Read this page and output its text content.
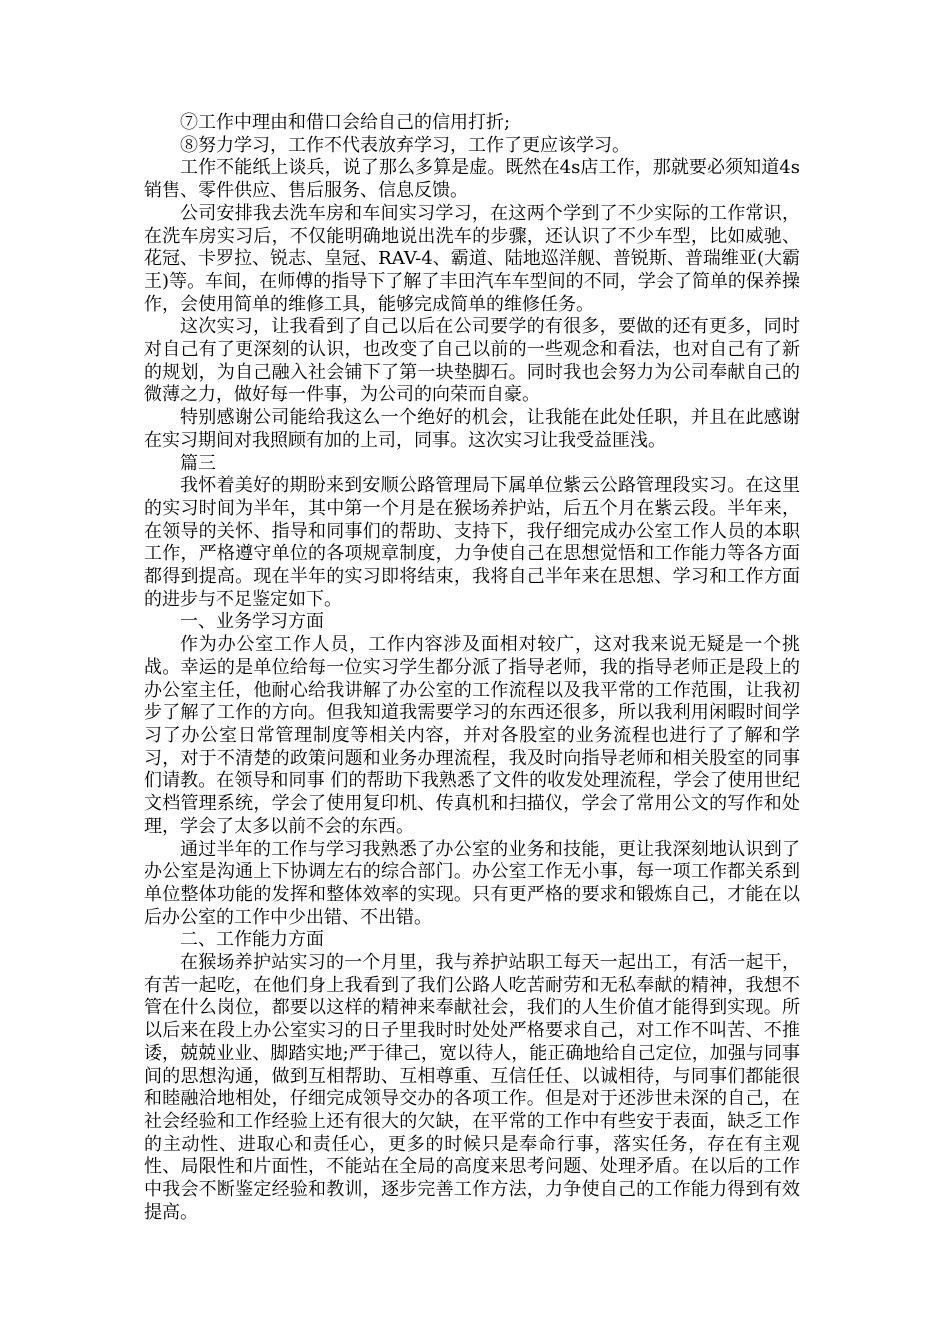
⑦工作中理由和借口会给自己的信用打折;

⑧努力学习，工作不代表放弃学习，工作了更应该学习。

工作不能纸上谈兵，说了那么多算是虚。既然在4s店工作，那就要必须知道4s销售、零件供应、售后服务、信息反馈。

公司安排我去洗车房和车间实习学习，在这两个学到了不少实际的工作常识，在洗车房实习后，不仅能明确地说出洗车的步骤，还认识了不少车型，比如威驰、花冠、卡罗拉、锐志、皇冠、RAV-4、霸道、陆地巡洋舰、普锐斯、普瑞维亚(大霸王)等。车间，在师傅的指导下了解了丰田汽车车型间的不同，学会了简单的保养操作，会使用简单的维修工具，能够完成简单的维修任务。

这次实习，让我看到了自己以后在公司要学的有很多，要做的还有更多，同时对自己有了更深刻的认识，也改变了自己以前的一些观念和看法，也对自己有了新的规划，为自己融入社会铺下了第一块垫脚石。同时我也会努力为公司奉献自己的微薄之力，做好每一件事，为公司的向荣而自豪。

特别感谢公司能给我这么一个绝好的机会，让我能在此处任职，并且在此感谢在实习期间对我照顾有加的上司，同事。这次实习让我受益匪浅。

篇三

我怀着美好的期盼来到安顺公路管理局下属单位紫云公路管理段实习。在这里的实习时间为半年，其中第一个月是在猴场养护站，后五个月在紫云段。半年来，在领导的关怀、指导和同事们的帮助、支持下，我仔细完成办公室工作人员的本职工作，严格遵守单位的各项规章制度，力争使自己在思想觉悟和工作能力等各方面都得到提高。现在半年的实习即将结束，我将自己半年来在思想、学习和工作方面的进步与不足鉴定如下。

一、业务学习方面

作为办公室工作人员，工作内容涉及面相对较广，这对我来说无疑是一个挑战。幸运的是单位给每一位实习学生都分派了指导老师，我的指导老师正是段上的办公室主任，他耐心给我讲解了办公室的工作流程以及我平常的工作范围，让我初步了解了工作的方向。但我知道我需要学习的东西还很多，所以我利用闲暇时间学习了办公室日常管理制度等相关内容，并对各股室的业务流程也进行了了解和学习，对于不清楚的政策问题和业务办理流程，我及时向指导老师和相关股室的同事们请教。在领导和同事 们的帮助下我熟悉了文件的收发处理流程，学会了使用世纪文档管理系统，学会了使用复印机、传真机和扫描仪，学会了常用公文的写作和处理，学会了太多以前不会的东西。

通过半年的工作与学习我熟悉了办公室的业务和技能，更让我深刻地认识到了办公室是沟通上下协调左右的综合部门。办公室工作无小事，每一项工作都关系到单位整体功能的发挥和整体效率的实现。只有更严格的要求和锻炼自己，才能在以后办公室的工作中少出错、不出错。

二、工作能力方面

在猴场养护站实习的一个月里，我与养护站职工每天一起出工，有活一起干，有苦一起吃，在他们身上我看到了我们公路人吃苦耐劳和无私奉献的精神，我想不管在什么岗位，都要以这样的精神来奉献社会，我们的人生价值才能得到实现。所以后来在段上办公室实习的日子里我时时处处严格要求自己，对工作不叫苦、不推诿，兢兢业业、脚踏实地;严于律己，宽以待人，能正确地给自己定位，加强与同事间的思想沟通，做到互相帮助、互相尊重、互信任任、以诚相待，与同事们都能很和睦融洽地相处，仔细完成领导交办的各项工作。但是对于还涉世未深的自己，在社会经验和工作经验上还有很大的欠缺，在平常的工作中有些安于表面，缺乏工作的主动性、进取心和责任心，更多的时候只是奉命行事，落实任务，存在有主观性、局限性和片面性，不能站在全局的高度来思考问题、处理矛盾。在以后的工作中我会不断鉴定经验和教训，逐步完善工作方法，力争使自己的工作能力得到有效提高。
